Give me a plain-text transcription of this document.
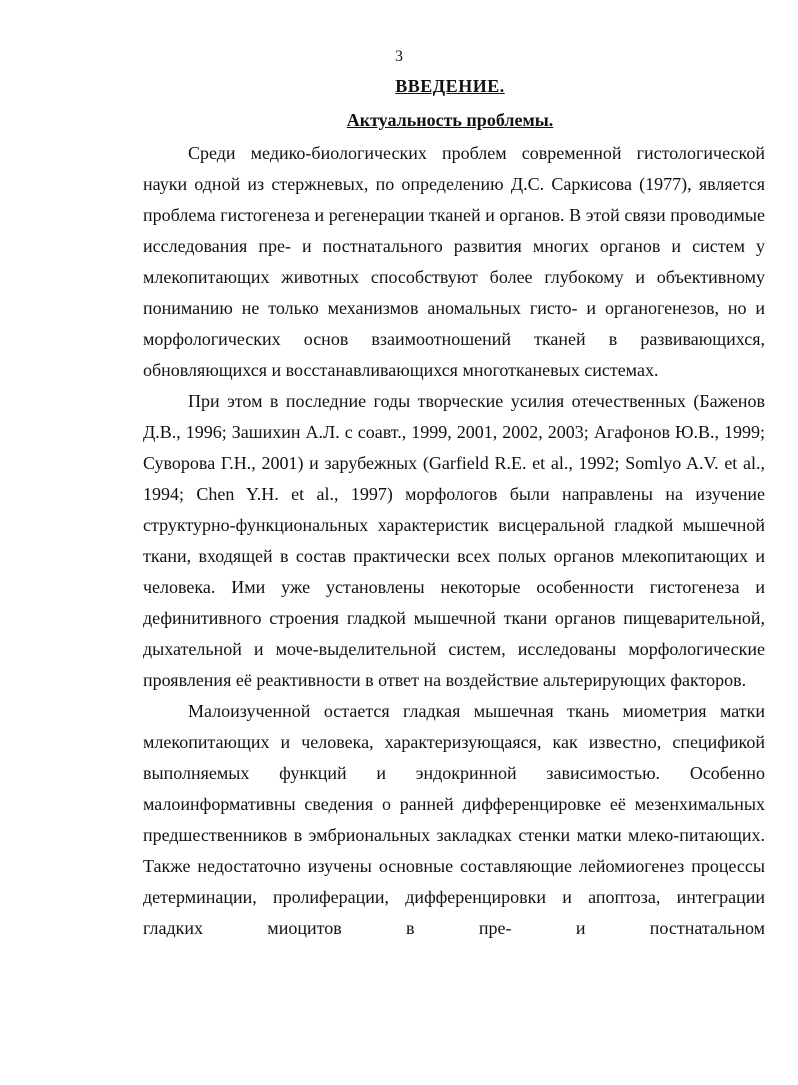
3
ВВЕДЕНИЕ.
Актуальность проблемы.

Среди медико-биологических проблем современной гистологической науки одной из стержневых, по определению Д.С. Саркисова (1977), является проблема гистогенеза и регенерации тканей и органов. В этой связи проводимые исследования пре- и постнатального развития многих органов и систем у млекопитающих животных способствуют более глубокому и объективному пониманию не только механизмов аномальных гисто- и органогенезов, но и морфологических основ взаимоотношений тканей в развивающихся, обновляющихся и восстанавливающихся многотканевых системах.

При этом в последние годы творческие усилия отечественных (Баженов Д.В., 1996; Зашихин А.Л. с соавт., 1999, 2001, 2002, 2003; Агафонов Ю.В., 1999; Суворова Г.Н., 2001) и зарубежных (Garfield R.E. et al., 1992; Somlyo A.V. et al., 1994; Chen Y.H. et al., 1997) морфологов были направлены на изучение структурно-функциональных характеристик висцеральной гладкой мышечной ткани, входящей в состав практически всех полых органов млекопитающих и человека. Ими уже установлены некоторые особенности гистогенеза и дефинитивного строения гладкой мышечной ткани органов пищеварительной, дыхательной и моче-выделительной систем, исследованы морфологические проявления её реактивности в ответ на воздействие альтерирующих факторов.

Малоизученной остается гладкая мышечная ткань миометрия матки млекопитающих и человека, характеризующаяся, как известно, спецификой выполняемых функций и эндокринной зависимостью. Особенно малоинформативны сведения о ранней дифференцировке её мезенхимальных предшественников в эмбриональных закладках стенки матки млеко-питающих. Также недостаточно изучены основные составляющие лейомиогенез процессы детерминации, пролиферации, дифференцировки и апоптоза, интеграции гладких миоцитов в пре- и постнатальном
